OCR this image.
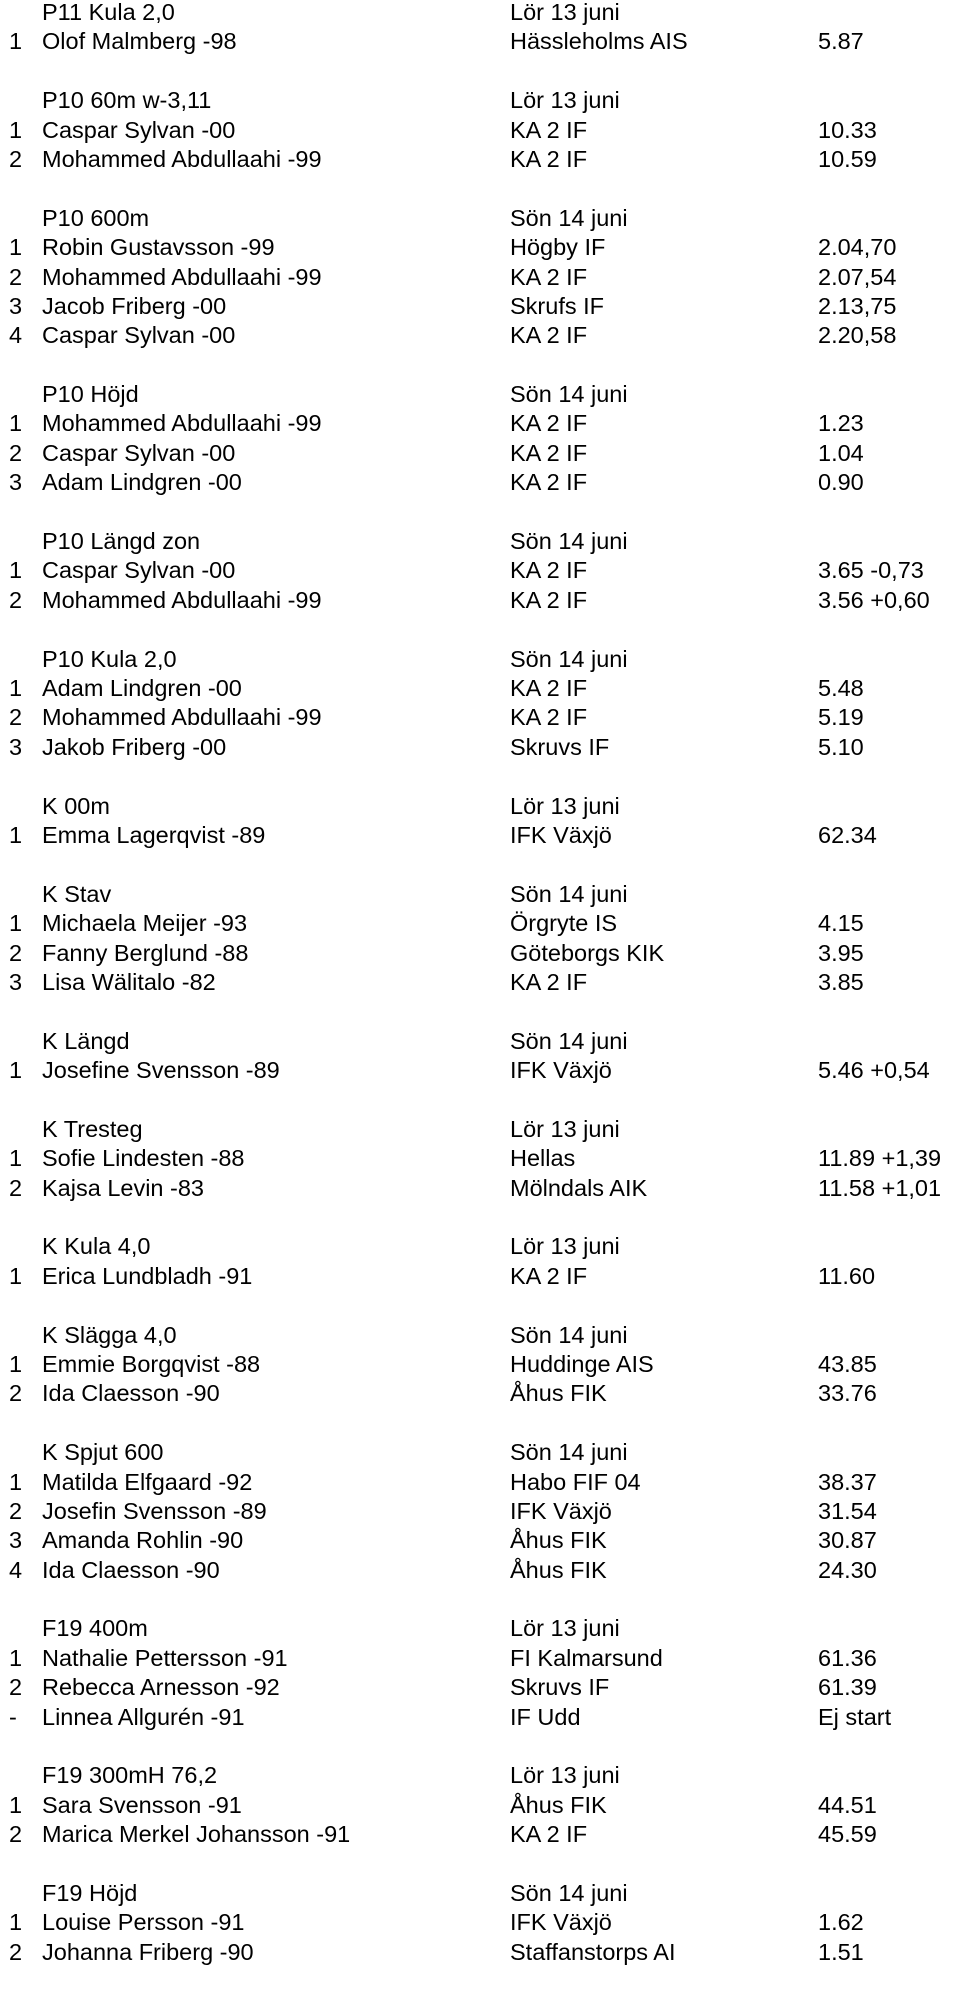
P11 Kula 2,0	Lör 13 juni
1 Olof Malmberg -98	Hässleholms AIS	5.87
P10 60m w-3,11	Lör 13 juni
1 Caspar Sylvan -00	KA 2 IF	10.33
2 Mohammed Abdullaahi -99	KA 2 IF	10.59
P10 600m	Sön 14 juni
1 Robin Gustavsson -99	Högby IF	2.04,70
2 Mohammed Abdullaahi -99	KA 2 IF	2.07,54
3 Jacob Friberg -00	Skrufs IF	2.13,75
4 Caspar Sylvan -00	KA 2 IF	2.20,58
P10 Höjd	Sön 14 juni
1 Mohammed Abdullaahi -99	KA 2 IF	1.23
2 Caspar Sylvan -00	KA 2 IF	1.04
3 Adam Lindgren -00	KA 2 IF	0.90
P10 Längd zon	Sön 14 juni
1 Caspar Sylvan -00	KA 2 IF	3.65 -0,73
2 Mohammed Abdullaahi -99	KA 2 IF	3.56 +0,60
P10 Kula 2,0	Sön 14 juni
1 Adam Lindgren -00	KA 2 IF	5.48
2 Mohammed Abdullaahi -99	KA 2 IF	5.19
3 Jakob Friberg -00	Skruvs IF	5.10
K 00m	Lör 13 juni
1 Emma Lagerqvist -89	IFK Växjö	62.34
K Stav	Sön 14 juni
1 Michaela Meijer -93	Örgryte IS	4.15
2 Fanny Berglund -88	Göteborgs KIK	3.95
3 Lisa Wälitalo -82	KA 2 IF	3.85
K Längd	Sön 14 juni
1 Josefine Svensson -89	IFK Växjö	5.46 +0,54
K Tresteg	Lör 13 juni
1 Sofie Lindesten -88	Hellas	11.89 +1,39
2 Kajsa Levin -83	Mölndals AIK	11.58 +1,01
K Kula 4,0	Lör 13 juni
1 Erica Lundbladh -91	KA 2 IF	11.60
K Slägga 4,0	Sön 14 juni
1 Emmie Borgqvist -88	Huddinge AIS	43.85
2 Ida Claesson -90	Åhus FIK	33.76
K Spjut 600	Sön 14 juni
1 Matilda Elfgaard -92	Habo FIF 04	38.37
2 Josefin Svensson -89	IFK Växjö	31.54
3 Amanda Rohlin -90	Åhus FIK	30.87
4 Ida Claesson -90	Åhus FIK	24.30
F19 400m	Lör 13 juni
1 Nathalie Pettersson -91	FI Kalmarsund	61.36
2 Rebecca Arnesson -92	Skruvs IF	61.39
- Linnea Allgurén -91	IF Udd	Ej start
F19 300mH 76,2	Lör 13 juni
1 Sara Svensson -91	Åhus FIK	44.51
2 Marica Merkel Johansson -91	KA 2 IF	45.59
F19 Höjd	Sön 14 juni
1 Louise Persson -91	IFK Växjö	1.62
2 Johanna Friberg -90	Staffanstorps AI	1.51
